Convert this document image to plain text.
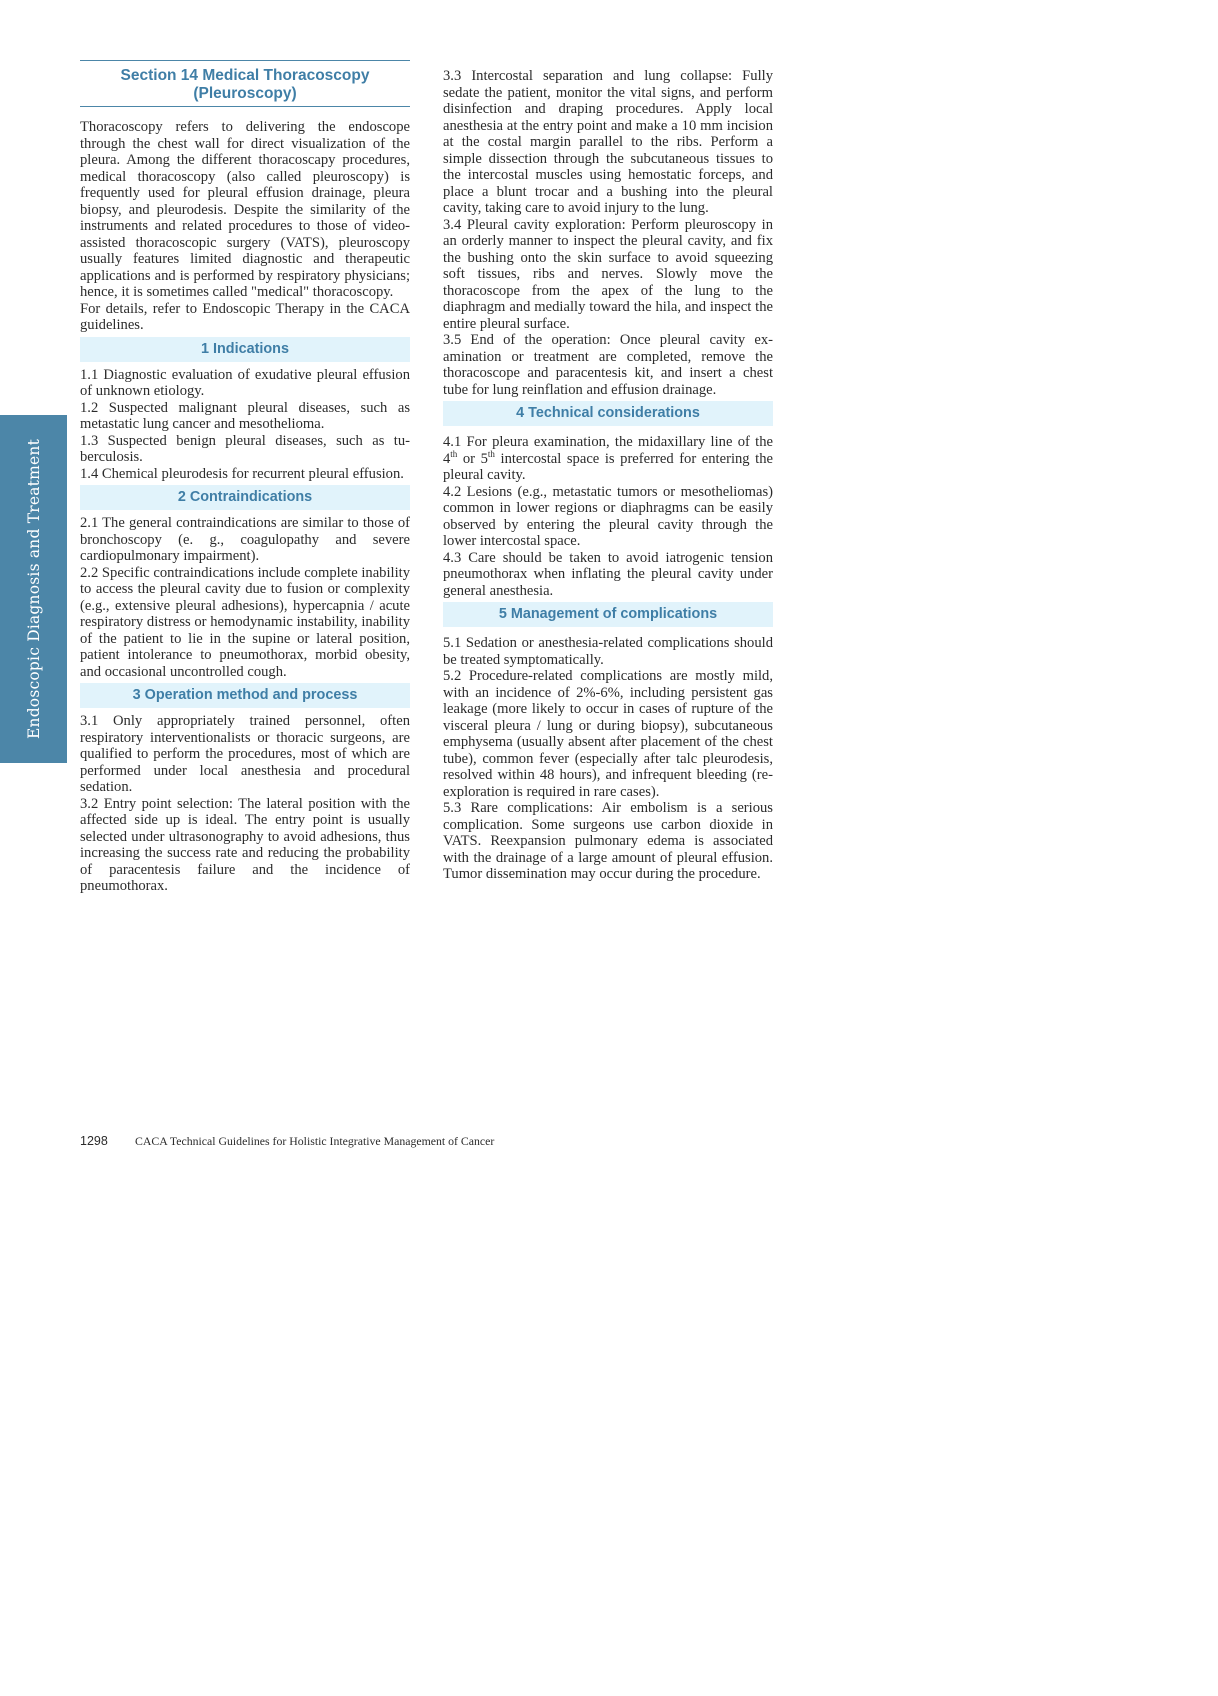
Endoscopic Diagnosis and Treatment
Section 14 Medical Thoracoscopy
(Pleuroscopy)

Thoracoscopy refers to delivering the endoscope through the chest wall for direct visualization of the pleura. Among the different thoracoscapy procedures, medical thoracoscopy (also called pleuroscopy) is frequently used for pleural effusion drainage, pleura biopsy, and pleurodesis. Despite the similarity of the instruments and related procedures to those of video-assisted thoracoscopic surgery (VATS), pleuroscopy usually features limited diagnostic and therapeutic applications and is performed by respiratory physicians; hence, it is sometimes called "medical" thoracoscopy.

For details, refer to Endoscopic Therapy in the CACA guidelines.

1 Indications

1.1 Diagnostic evaluation of exudative pleural effusion of unknown etiology.

1.2 Suspected malignant pleural diseases, such as metastatic lung cancer and mesothelioma.

1.3 Suspected benign pleural diseases, such as tuberculosis.

1.4 Chemical pleurodesis for recurrent pleural effusion.

2 Contraindications

2.1 The general contraindications are similar to those of bronchoscopy (e. g., coagulopathy and severe cardiopulmonary impairment).

2.2 Specific contraindications include complete inability to access the pleural cavity due to fusion or complexity (e.g., extensive pleural adhesions), hypercapnia / acute respiratory distress or hemodynamic instability, inability of the patient to lie in the supine or lateral position, patient intolerance to pneumothorax, morbid obesity, and occasional uncontrolled cough.

3 Operation method and process

3.1 Only appropriately trained personnel, often respiratory interventionalists or thoracic surgeons, are qualified to perform the procedures, most of which are performed under local anesthesia and procedural sedation.

3.2 Entry point selection: The lateral position with the affected side up is ideal. The entry point is usually selected under ultrasonography to avoid adhesions, thus increasing the success rate and reducing the probability of paracentesis failure and the incidence of pneumothorax.

3.3 Intercostal separation and lung collapse: Fully sedate the patient, monitor the vital signs, and perform disinfection and draping procedures. Apply local anesthesia at the entry point and make a 10 mm incision at the costal margin parallel to the ribs. Perform a simple dissection through the subcutaneous tissues to the intercostal muscles using hemostatic forceps, and place a blunt trocar and a bushing into the pleural cavity, taking care to avoid injury to the lung.

3.4 Pleural cavity exploration: Perform pleuroscopy in an orderly manner to inspect the pleural cavity, and fix the bushing onto the skin surface to avoid squeezing soft tissues, ribs and nerves. Slowly move the thoracoscope from the apex of the lung to the diaphragm and medially toward the hila, and inspect the entire pleural surface.

3.5 End of the operation: Once pleural cavity examination or treatment are completed, remove the thoracoscope and paracentesis kit, and insert a chest tube for lung reinflation and effusion drainage.

4 Technical considerations

4.1 For pleura examination, the midaxillary line of the 4th or 5th intercostal space is preferred for entering the pleural cavity.

4.2 Lesions (e.g., metastatic tumors or mesotheliomas) common in lower regions or diaphragms can be easily observed by entering the pleural cavity through the lower intercostal space.

4.3 Care should be taken to avoid iatrogenic tension pneumothorax when inflating the pleural cavity under general anesthesia.

5 Management of complications

5.1 Sedation or anesthesia-related complications should be treated symptomatically.

5.2 Procedure-related complications are mostly mild, with an incidence of 2%-6%, including persistent gas leakage (more likely to occur in cases of rupture of the visceral pleura / lung or during biopsy), subcutaneous emphysema (usually absent after placement of the chest tube), common fever (especially after talc pleurodesis, resolved within 48 hours), and infrequent bleeding (re-exploration is required in rare cases).

5.3 Rare complications: Air embolism is a serious complication. Some surgeons use carbon dioxide in VATS. Reexpansion pulmonary edema is associated with the drainage of a large amount of pleural effusion. Tumor dissemination may occur during the procedure.

1298 CACA Technical Guidelines for Holistic Integrative Management of Cancer
